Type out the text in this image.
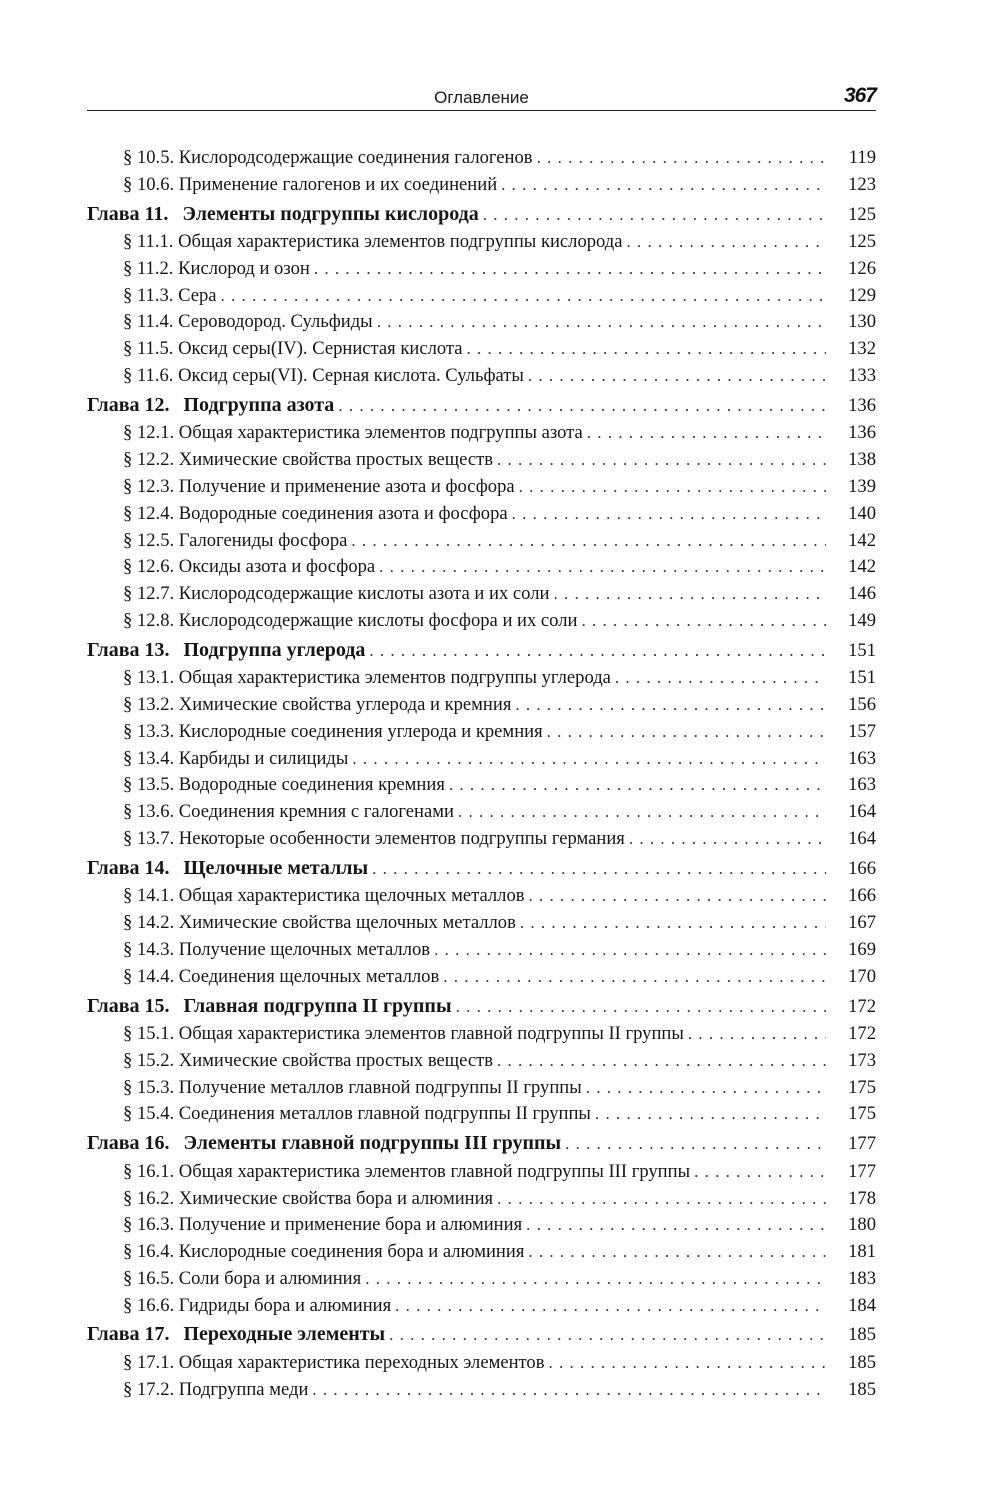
Оглавление	367
§ 10.5. Кислородсодержащие соединения галогенов . . .	119
§ 10.6. Применение галогенов и их соединений . . .	123
Глава 11 . Элементы подгруппы кислорода . . .	125
§ 11.1. Общая характеристика элементов подгруппы кислорода . . .	125
§ 11.2. Кислород и озон . . .	126
§ 11.3. Сера . . .	129
§ 11.4. Сероводород. Сульфиды . . .	130
§ 11.5. Оксид серы(IV). Сернистая кислота . . .	132
§ 11.6. Оксид серы(VI). Серная кислота. Сульфаты . . .	133
Глава 12 . Подгруппа азота . . .	136
§ 12.1. Общая характеристика элементов подгруппы азота . . .	136
§ 12.2. Химические свойства простых веществ . . .	138
§ 12.3. Получение и применение азота и фосфора . . .	139
§ 12.4. Водородные соединения азота и фосфора . . .	140
§ 12.5. Галогениды фосфора . . .	142
§ 12.6. Оксиды азота и фосфора . . .	142
§ 12.7. Кислородсодержащие кислоты азота и их соли . . .	146
§ 12.8. Кислородсодержащие кислоты фосфора и их соли . . .	149
Глава 13 . Подгруппа углерода . . .	151
§ 13.1. Общая характеристика элементов подгруппы углерода . . .	151
§ 13.2. Химические свойства углерода и кремния . . .	156
§ 13.3. Кислородные соединения углерода и кремния . . .	157
§ 13.4. Карбиды и силициды . . .	163
§ 13.5. Водородные соединения кремния . . .	163
§ 13.6. Соединения кремния с галогенами . . .	164
§ 13.7. Некоторые особенности элементов подгруппы германия . . .	164
Глава 14 . Щелочные металлы . . .	166
§ 14.1. Общая характеристика щелочных металлов . . .	166
§ 14.2. Химические свойства щелочных металлов . . .	167
§ 14.3. Получение щелочных металлов . . .	169
§ 14.4. Соединения щелочных металлов . . .	170
Глава 15 . Главная подгруппа II группы . . .	172
§ 15.1. Общая характеристика элементов главной подгруппы II группы . . .	172
§ 15.2. Химические свойства простых веществ . . .	173
§ 15.3. Получение металлов главной подгруппы II группы . . .	175
§ 15.4. Соединения металлов главной подгруппы II группы . . .	175
Глава 16 . Элементы главной подгруппы III группы . . .	177
§ 16.1. Общая характеристика элементов главной подгруппы III группы . . .	177
§ 16.2. Химические свойства бора и алюминия . . .	178
§ 16.3. Получение и применение бора и алюминия . . .	180
§ 16.4. Кислородные соединения бора и алюминия . . .	181
§ 16.5. Соли бора и алюминия . . .	183
§ 16.6. Гидриды бора и алюминия . . .	184
Глава 17 . Переходные элементы . . .	185
§ 17.1. Общая характеристика переходных элементов . . .	185
§ 17.2. Подгруппа меди . . .	185
